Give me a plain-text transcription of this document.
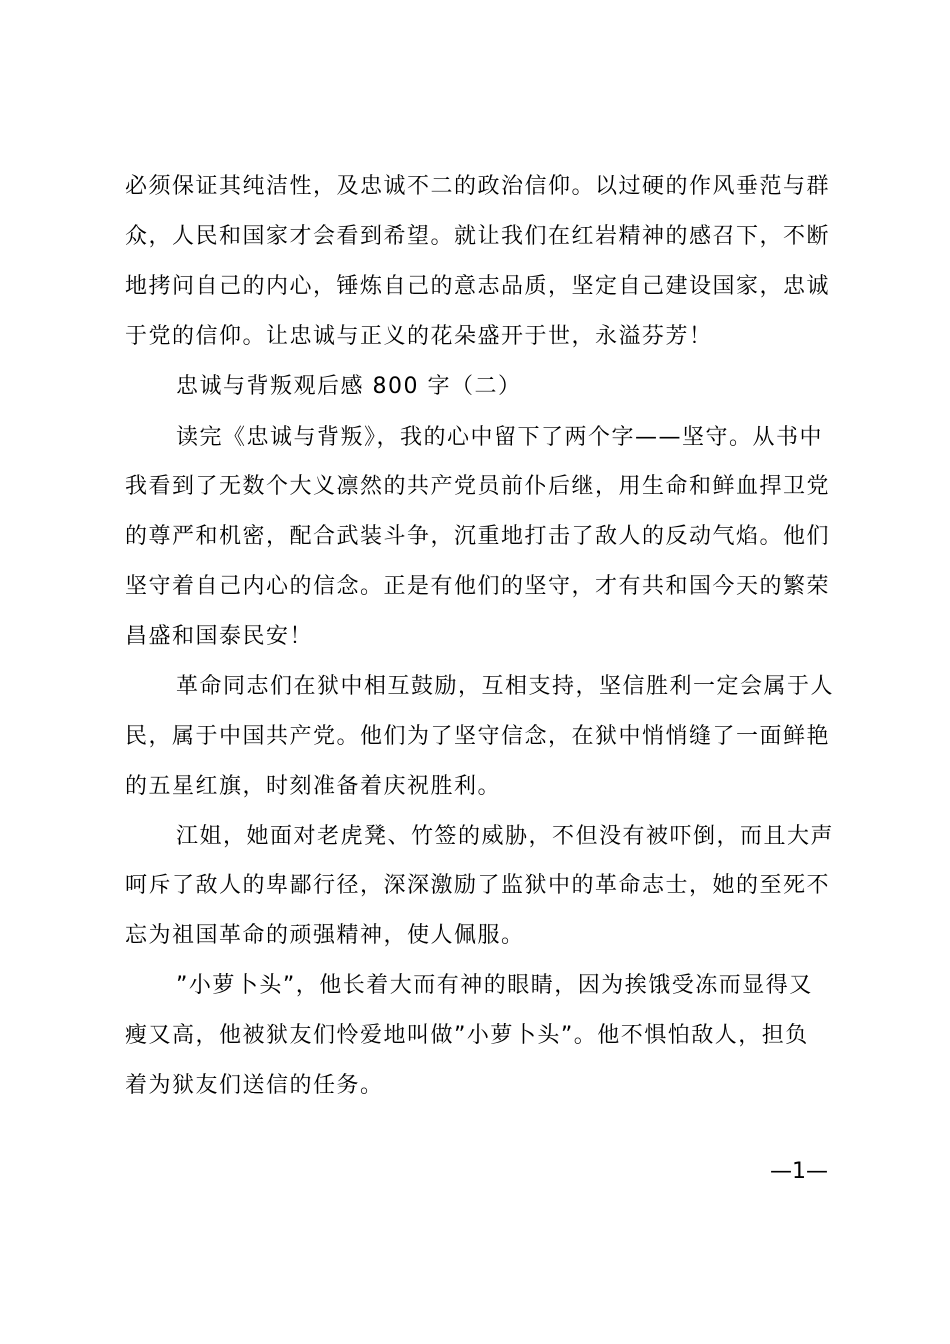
必须保证其纯洁性，及忠诚不二的政治信仰。以过硬的作风垂范与群
众，人民和国家才会看到希望。就让我们在红岩精神的感召下，不断
地拷问自己的内心，锤炼自己的意志品质，坚定自己建设国家，忠诚
于党的信仰。让忠诚与正义的花朵盛开于世，永溢芬芳！
忠诚与背叛观后感 800 字（二）
读完《忠诚与背叛》，我的心中留下了两个字——坚守。从书中
我看到了无数个大义凛然的共产党员前仆后继，用生命和鲜血捍卫党
的尊严和机密，配合武装斗争，沉重地打击了敌人的反动气焰。他们
坚守着自己内心的信念。正是有他们的坚守，才有共和国今天的繁荣
昌盛和国泰民安！
革命同志们在狱中相互鼓励，互相支持，坚信胜利一定会属于人
民，属于中国共产党。他们为了坚守信念，在狱中悄悄缝了一面鲜艳
的五星红旗，时刻准备着庆祝胜利。
江姐，她面对老虎凳、竹签的威胁，不但没有被吓倒，而且大声
呵斥了敌人的卑鄙行径，深深激励了监狱中的革命志士，她的至死不
忘为祖国革命的顽强精神，使人佩服。
”小萝卜头”，他长着大而有神的眼睛，因为挨饿受冻而显得又
瘦又高，他被狱友们怜爱地叫做”小萝卜头”。他不惧怕敌人，担负
着为狱友们送信的任务。
—1—
